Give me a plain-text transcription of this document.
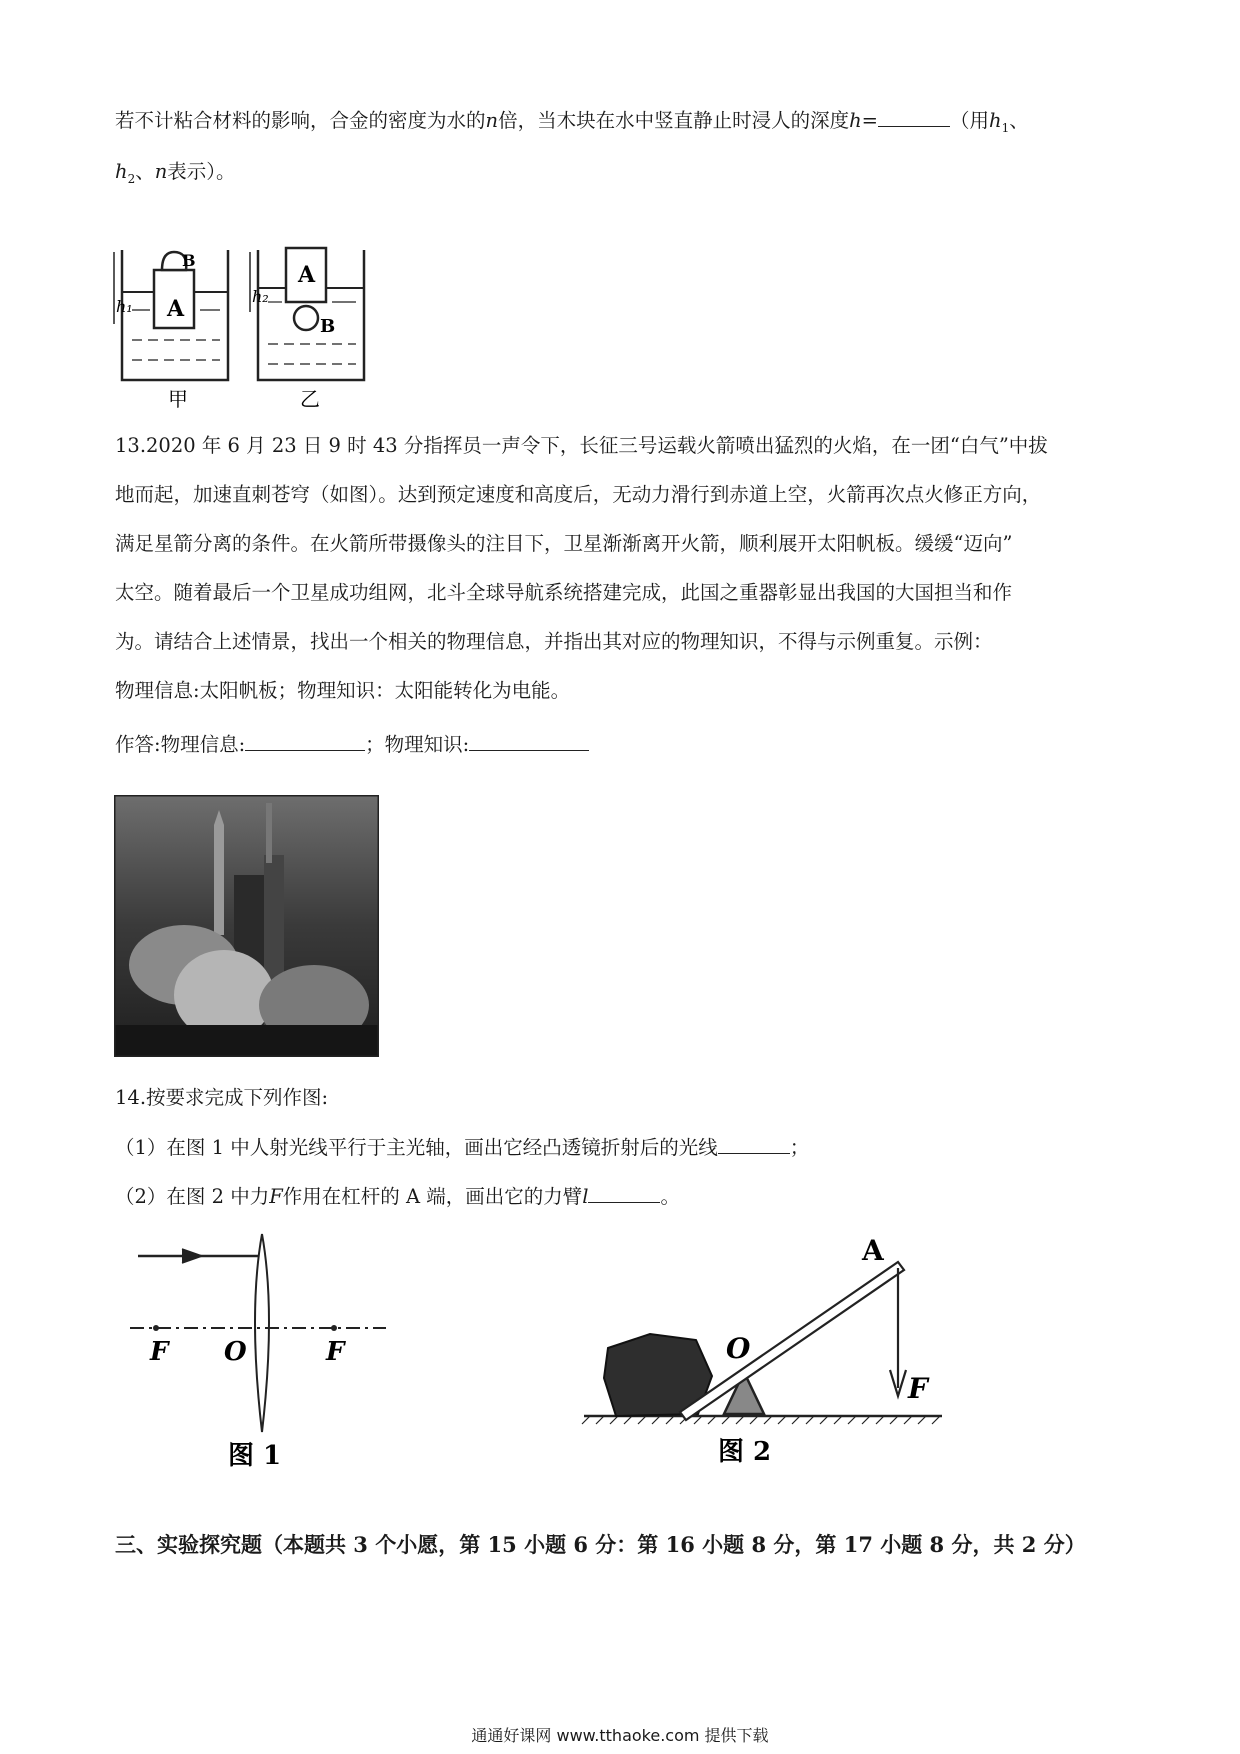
若不计粘合材料的影响，合金的密度为水的n倍，当木块在水中竖直静止时浸人的深度h=	（用$h_1$、
$h_2$、n表示）。
A
B
A
B
h₁
h₂
甲	乙
13.2020 年 6 月 23 日 9 时 43 分指挥员一声令下，长征三号运载火箭喷出猛烈的火焰，在一团“白气”中拔
地而起，加速直刺苍穹（如图）。达到预定速度和高度后，无动力滑行到赤道上空，火箭再次点火修正方向，
满足星箭分离的条件。在火箭所带摄像头的注目下，卫星渐渐离开火箭，顺利展开太阳帆板。缓缓“迈向”
太空。随着最后一个卫星成功组网，北斗全球导航系统搭建完成，此国之重器彰显出我国的大国担当和作
为。请结合上述情景，找出一个相关的物理信息，并指出其对应的物理知识，不得与示例重复。示例：
物理信息:太阳帆板；物理知识：太阳能转化为电能。
作答:物理信息:	；物理知识:
14.按要求完成下列作图:
（1）在图 1 中人射光线平行于主光轴，画出它经凸透镜折射后的光线	；
（2）在图 2 中力F作用在杠杆的 A 端，画出它的力臂l	。
F O	F
图 1
A
O
F
图 2
三、实验探究题（本题共 3 个小愿，第 15 小题 6 分：第 16 小题 8 分，第 17 小题 8 分，共 2 分）
通通好课网 www.tthaoke.com 提供下载
